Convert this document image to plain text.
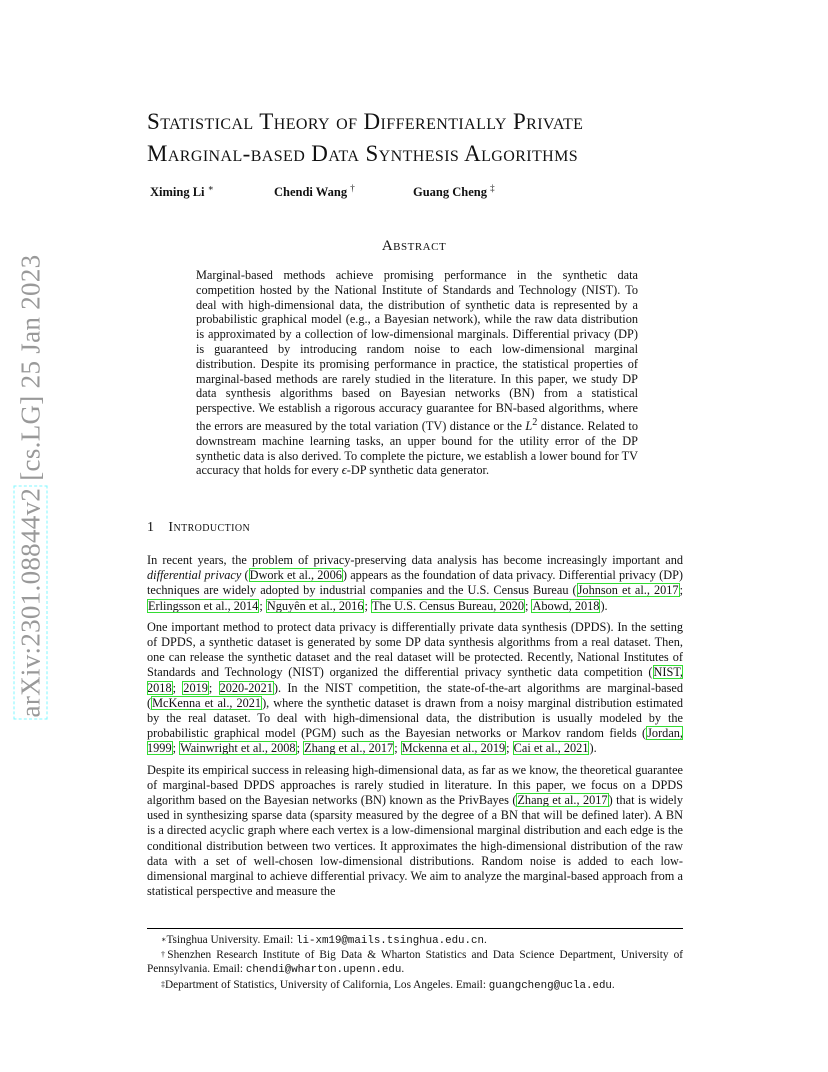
arXiv:2301.08844v2 [cs.LG] 25 Jan 2023
Statistical Theory of Differentially Private
Marginal-based Data Synthesis Algorithms
Ximing Li ∗	Chendi Wang †	Guang Cheng ‡
Abstract

Marginal-based methods achieve promising performance in the synthetic data competition hosted by the National Institute of Standards and Technology (NIST). To deal with high-dimensional data, the distribution of synthetic data is represented by a probabilistic graphical model (e.g., a Bayesian network), while the raw data distribution is approximated by a collection of low-dimensional marginals. Differential privacy (DP) is guaranteed by introducing random noise to each low-dimensional marginal distribution. Despite its promising performance in practice, the statistical properties of marginal-based methods are rarely studied in the literature. In this paper, we study DP data synthesis algorithms based on Bayesian networks (BN) from a statistical perspective. We establish a rigorous accuracy guarantee for BN-based algorithms, where the errors are measured by the total variation (TV) distance or the $L^2$ distance. Related to downstream machine learning tasks, an upper bound for the utility error of the DP synthetic data is also derived. To complete the picture, we establish a lower bound for TV accuracy that holds for every ϵ-DP synthetic data generator.

1 Introduction

In recent years, the problem of privacy-preserving data analysis has become increasingly important and differential privacy (Dwork et al., 2006) appears as the foundation of data privacy. Differential privacy (DP) techniques are widely adopted by industrial companies and the U.S. Census Bureau (Johnson et al., 2017; Erlingsson et al., 2014; Nguyên et al., 2016; The U.S. Census Bureau, 2020; Abowd, 2018).

One important method to protect data privacy is differentially private data synthesis (DPDS). In the setting of DPDS, a synthetic dataset is generated by some DP data synthesis algorithms from a real dataset. Then, one can release the synthetic dataset and the real dataset will be protected. Recently, National Institutes of Standards and Technology (NIST) organized the differential privacy synthetic data competition (NIST, 2018; 2019; 2020-2021). In the NIST competition, the state-of-the-art algorithms are marginal-based (McKenna et al., 2021), where the synthetic dataset is drawn from a noisy marginal distribution estimated by the real dataset. To deal with high-dimensional data, the distribution is usually modeled by the probabilistic graphical model (PGM) such as the Bayesian networks or Markov random fields (Jordan, 1999; Wainwright et al., 2008; Zhang et al., 2017; Mckenna et al., 2019; Cai et al., 2021).

Despite its empirical success in releasing high-dimensional data, as far as we know, the theoretical guarantee of marginal-based DPDS approaches is rarely studied in literature. In this paper, we focus on a DPDS algorithm based on the Bayesian networks (BN) known as the PrivBayes (Zhang et al., 2017) that is widely used in synthesizing sparse data (sparsity measured by the degree of a BN that will be defined later). A BN is a directed acyclic graph where each vertex is a low-dimensional marginal distribution and each edge is the conditional distribution between two vertices. It approximates the high-dimensional distribution of the raw data with a set of well-chosen low-dimensional distributions. Random noise is added to each low-dimensional marginal to achieve differential privacy. We aim to analyze the marginal-based approach from a statistical perspective and measure the

∗Tsinghua University. Email: li-xm19@mails.tsinghua.edu.cn.

†Shenzhen Research Institute of Big Data & Wharton Statistics and Data Science Department, University of Pennsylvania. Email: chendi@wharton.upenn.edu.

‡Department of Statistics, University of California, Los Angeles. Email: guangcheng@ucla.edu.
